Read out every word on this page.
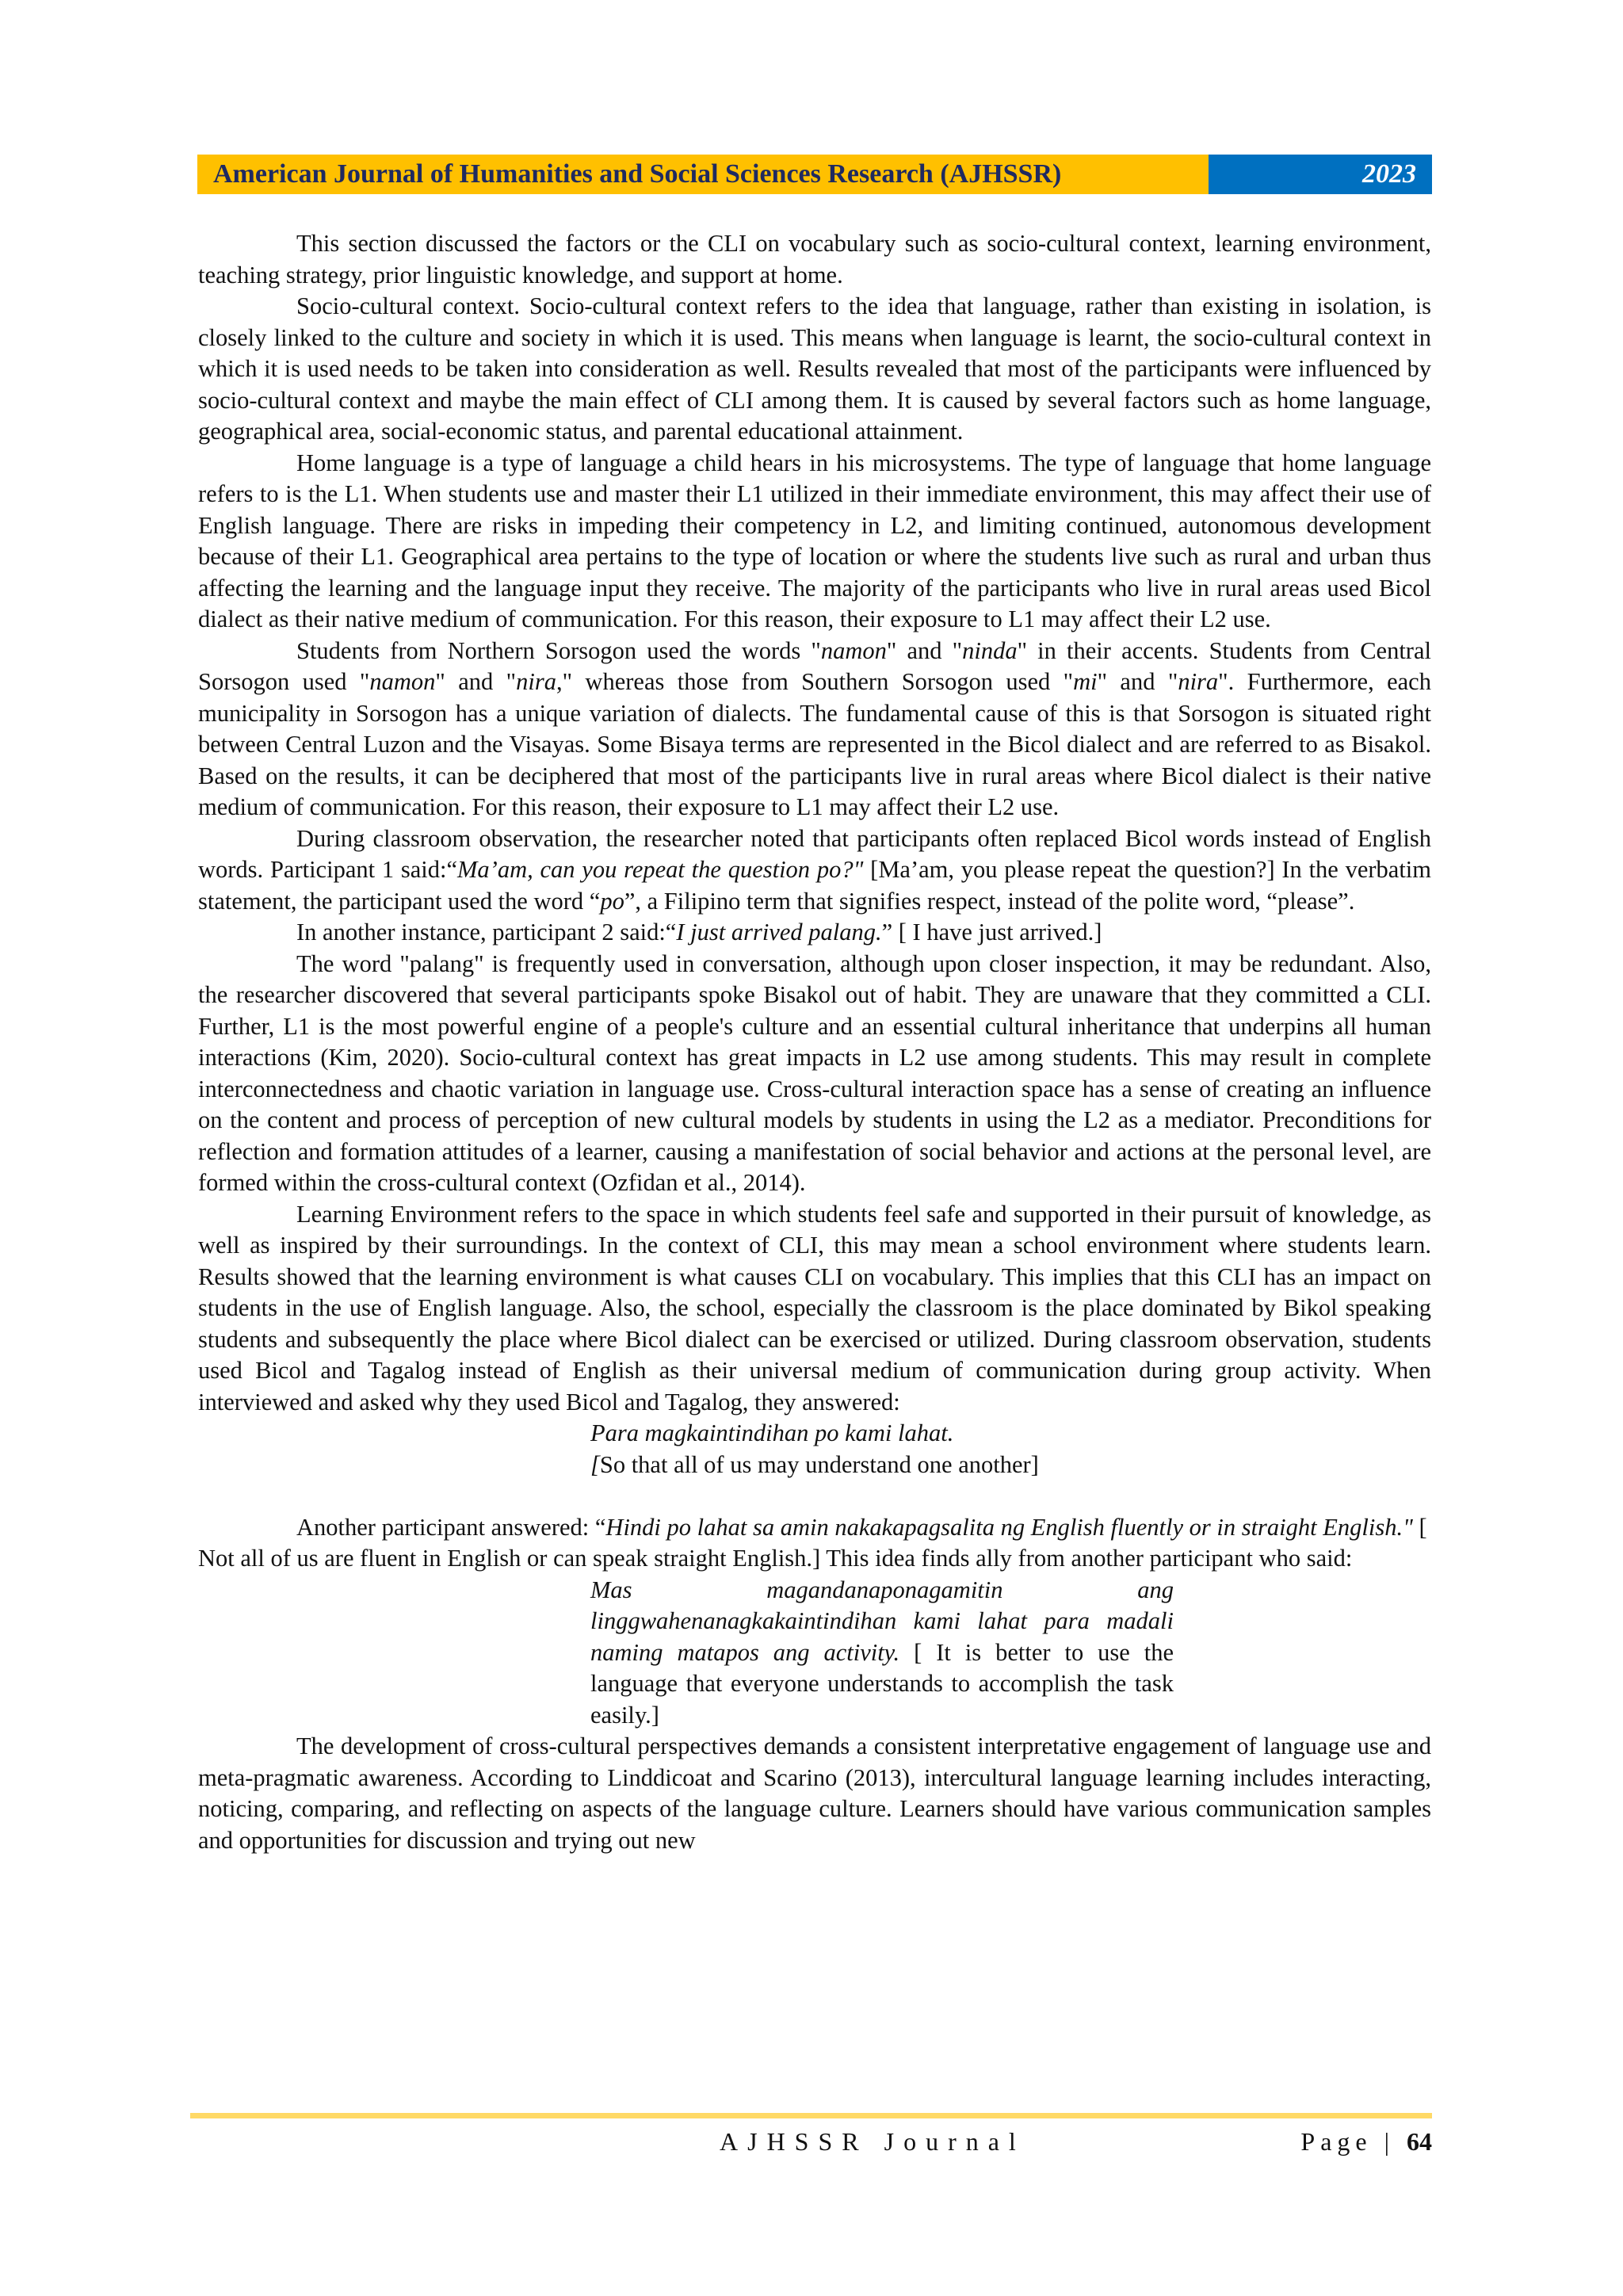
American Journal of Humanities and Social Sciences Research (AJHSSR)	2023

This section discussed the factors or the CLI on vocabulary such as socio-cultural context, learning environment, teaching strategy, prior linguistic knowledge, and support at home.

Socio-cultural context. Socio-cultural context refers to the idea that language, rather than existing in isolation, is closely linked to the culture and society in which it is used. This means when language is learnt, the socio-cultural context in which it is used needs to be taken into consideration as well. Results revealed that most of the participants were influenced by socio-cultural context and maybe the main effect of CLI among them. It is caused by several factors such as home language, geographical area, social-economic status, and parental educational attainment.

Home language is a type of language a child hears in his microsystems. The type of language that home language refers to is the L1. When students use and master their L1 utilized in their immediate environment, this may affect their use of English language. There are risks in impeding their competency in L2, and limiting continued, autonomous development because of their L1. Geographical area pertains to the type of location or where the students live such as rural and urban thus affecting the learning and the language input they receive. The majority of the participants who live in rural areas used Bicol dialect as their native medium of communication. For this reason, their exposure to L1 may affect their L2 use.

Students from Northern Sorsogon used the words "namon" and "ninda" in their accents. Students from Central Sorsogon used "namon" and "nira," whereas those from Southern Sorsogon used "mi" and "nira". Furthermore, each municipality in Sorsogon has a unique variation of dialects. The fundamental cause of this is that Sorsogon is situated right between Central Luzon and the Visayas. Some Bisaya terms are represented in the Bicol dialect and are referred to as Bisakol. Based on the results, it can be deciphered that most of the participants live in rural areas where Bicol dialect is their native medium of communication. For this reason, their exposure to L1 may affect their L2 use.

During classroom observation, the researcher noted that participants often replaced Bicol words instead of English words. Participant 1 said:“Ma’am, can you repeat the question po?" [Ma’am, you please repeat the question?] In the verbatim statement, the participant used the word “po”, a Filipino term that signifies respect, instead of the polite word, “please”.

In another instance, participant 2 said:“I just arrived palang.” [ I have just arrived.]

The word "palang" is frequently used in conversation, although upon closer inspection, it may be redundant. Also, the researcher discovered that several participants spoke Bisakol out of habit. They are unaware that they committed a CLI. Further, L1 is the most powerful engine of a people's culture and an essential cultural inheritance that underpins all human interactions (Kim, 2020). Socio-cultural context has great impacts in L2 use among students. This may result in complete interconnectedness and chaotic variation in language use. Cross-cultural interaction space has a sense of creating an influence on the content and process of perception of new cultural models by students in using the L2 as a mediator. Preconditions for reflection and formation attitudes of a learner, causing a manifestation of social behavior and actions at the personal level, are formed within the cross-cultural context (Ozfidan et al., 2014).

Learning Environment refers to the space in which students feel safe and supported in their pursuit of knowledge, as well as inspired by their surroundings. In the context of CLI, this may mean a school environment where students learn. Results showed that the learning environment is what causes CLI on vocabulary. This implies that this CLI has an impact on students in the use of English language. Also, the school, especially the classroom is the place dominated by Bikol speaking students and subsequently the place where Bicol dialect can be exercised or utilized. During classroom observation, students used Bicol and Tagalog instead of English as their universal medium of communication during group activity. When interviewed and asked why they used Bicol and Tagalog, they answered:

Para magkaintindihan po kami lahat.
[So that all of us may understand one another]

Another participant answered: “Hindi po lahat sa amin nakakapagsalita ng English fluently or in straight English." [ Not all of us are fluent in English or can speak straight English.] This idea finds ally from another participant who said:

Mas magandanaponagamitin ang linggwahenanagkakaintindihan kami lahat para madali naming matapos ang activity. [ It is better to use the language that everyone understands to accomplish the task easily.]

The development of cross-cultural perspectives demands a consistent interpretative engagement of language use and meta-pragmatic awareness. According to Linddicoat and Scarino (2013), intercultural language learning includes interacting, noticing, comparing, and reflecting on aspects of the language culture. Learners should have various communication samples and opportunities for discussion and trying out new

AJHSSR Journal	Page | 64
